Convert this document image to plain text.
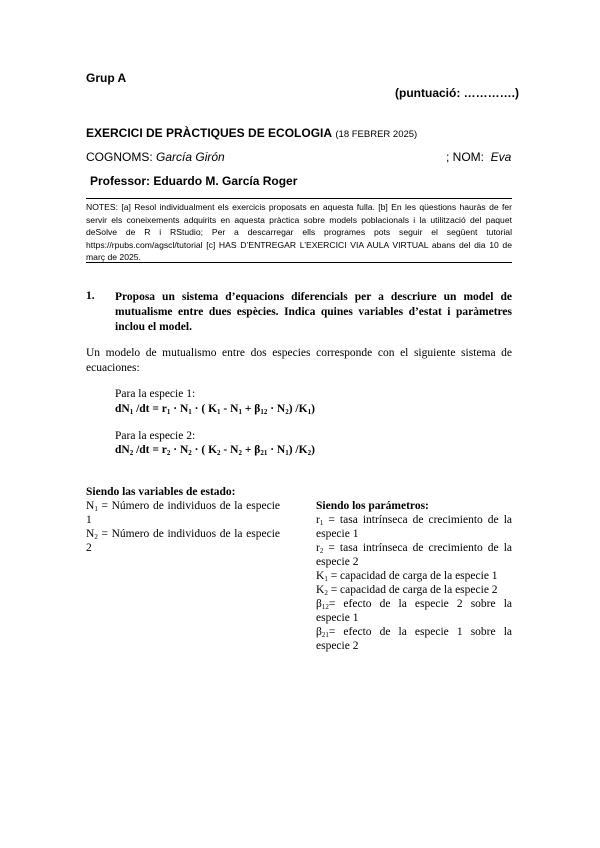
Grup A
(puntuació: ………….)
EXERCICI DE PRÀCTIQUES DE ECOLOGIA (18 FEBRER 2025)
COGNOMS: García Girón	; NOM: Eva
Professor: Eduardo M. García Roger
NOTES: [a] Resol individualment els exercicis proposats en aquesta fulla. [b] En les qüestions hauràs de fer servir els coneixements adquirits en aquesta pràctica sobre models poblacionals i la utilització del paquet deSolve de R i RStudio; Per a descarregar ells programes pots seguir el següent tutorial https://rpubs.com/agscl/tutorial [c] HAS D’ENTREGAR L’EXERCICI VIA AULA VIRTUAL abans del dia 10 de març de 2025.
1. Proposa un sistema d’equacions diferencials per a descriure un model de mutualisme entre dues espècies. Indica quines variables d’estat i paràmetres inclou el model.
Un modelo de mutualismo entre dos especies corresponde con el siguiente sistema de ecuaciones:
Para la especie 1:
$dN_1$ $/dt = r_1 \cdot N_1$ · ( $K_1 - N_1 + \beta_{12} \cdot N_2$) $/K_1$)
Para la especie 2:
$dN_2$ $/dt = r_2 \cdot N_2$ · ( $K_2 - N_2 + \beta_{21} \cdot N_1$) $/K_2$)
Siendo las variables de estado:
$N_1$ = Número de individuos de la especie 1
$N_2$ = Número de individuos de la especie 2
Siendo los parámetros:
$r_1$ = tasa intrínseca de crecimiento de la especie 1
$r_2$ = tasa intrínseca de crecimiento de la especie 2
$K_1$ = capacidad de carga de la especie 1
$K_2$ = capacidad de carga de la especie 2
$\beta_{12}=$ efecto de la especie 2 sobre la especie 1
$\beta_{21}=$ efecto de la especie 1 sobre la especie 2
